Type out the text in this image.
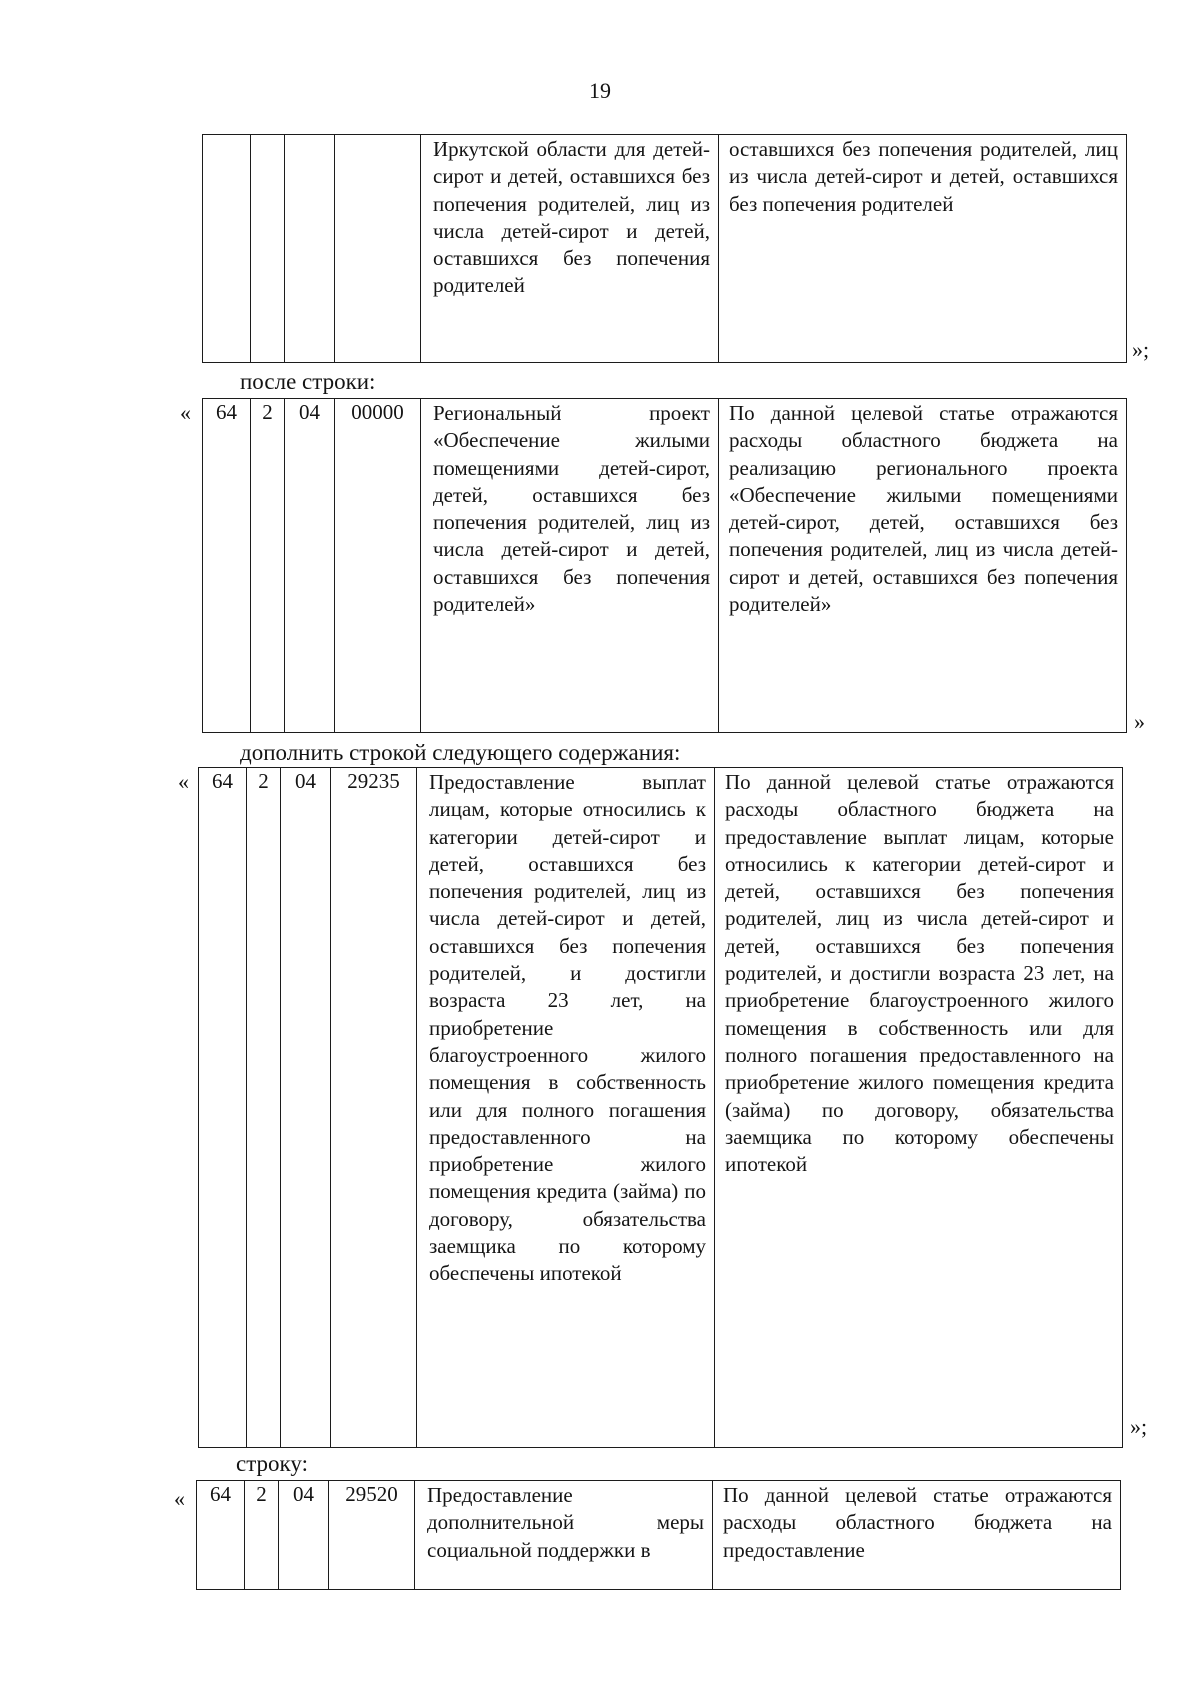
19
				Иркутской области для детей-сирот и детей, оставшихся без попечения родителей, лиц из числа детей-сирот и детей, оставшихся без попечения родителей	оставшихся без попечения родителей, лиц из числа детей-сирот и детей, оставшихся без попечения родителей
»;
после строки:
« 64	2	04	00000	Региональный проект «Обеспечение жилыми помещениями детей-сирот, детей, оставшихся без попечения родителей, лиц из числа детей-сирот и детей, оставшихся без попечения родителей»	По данной целевой статье отражаются расходы областного бюджета на реализацию регионального проекта «Обеспечение жилыми помещениями детей-сирот, детей, оставшихся без попечения родителей, лиц из числа детей-сирот и детей, оставшихся без попечения родителей»
»
дополнить строкой следующего содержания:
« 64	2	04	29235	Предоставление выплат лицам, которые относились к категории детей-сирот и детей, оставшихся без попечения родителей, лиц из числа детей-сирот и детей, оставшихся без попечения родителей, и достигли возраста 23 лет, на приобретение благоустроенного жилого помещения в собственность или для полного погашения предоставленного на приобретение жилого помещения кредита (займа) по договору, обязательства заемщика по которому обеспечены ипотекой	По данной целевой статье отражаются расходы областного бюджета на предоставление выплат лицам, которые относились к категории детей-сирот и детей, оставшихся без попечения родителей, лиц из числа детей-сирот и детей, оставшихся без попечения родителей, и достигли возраста 23 лет, на приобретение благоустроенного жилого помещения в собственность или для полного погашения предоставленного на приобретение жилого помещения кредита (займа) по договору, обязательства заемщика по которому обеспечены ипотекой
»;
строку:
« 64	2	04	29520	Предоставление дополнительной меры социальной поддержки в	По данной целевой статье отражаются расходы областного бюджета на предоставление
